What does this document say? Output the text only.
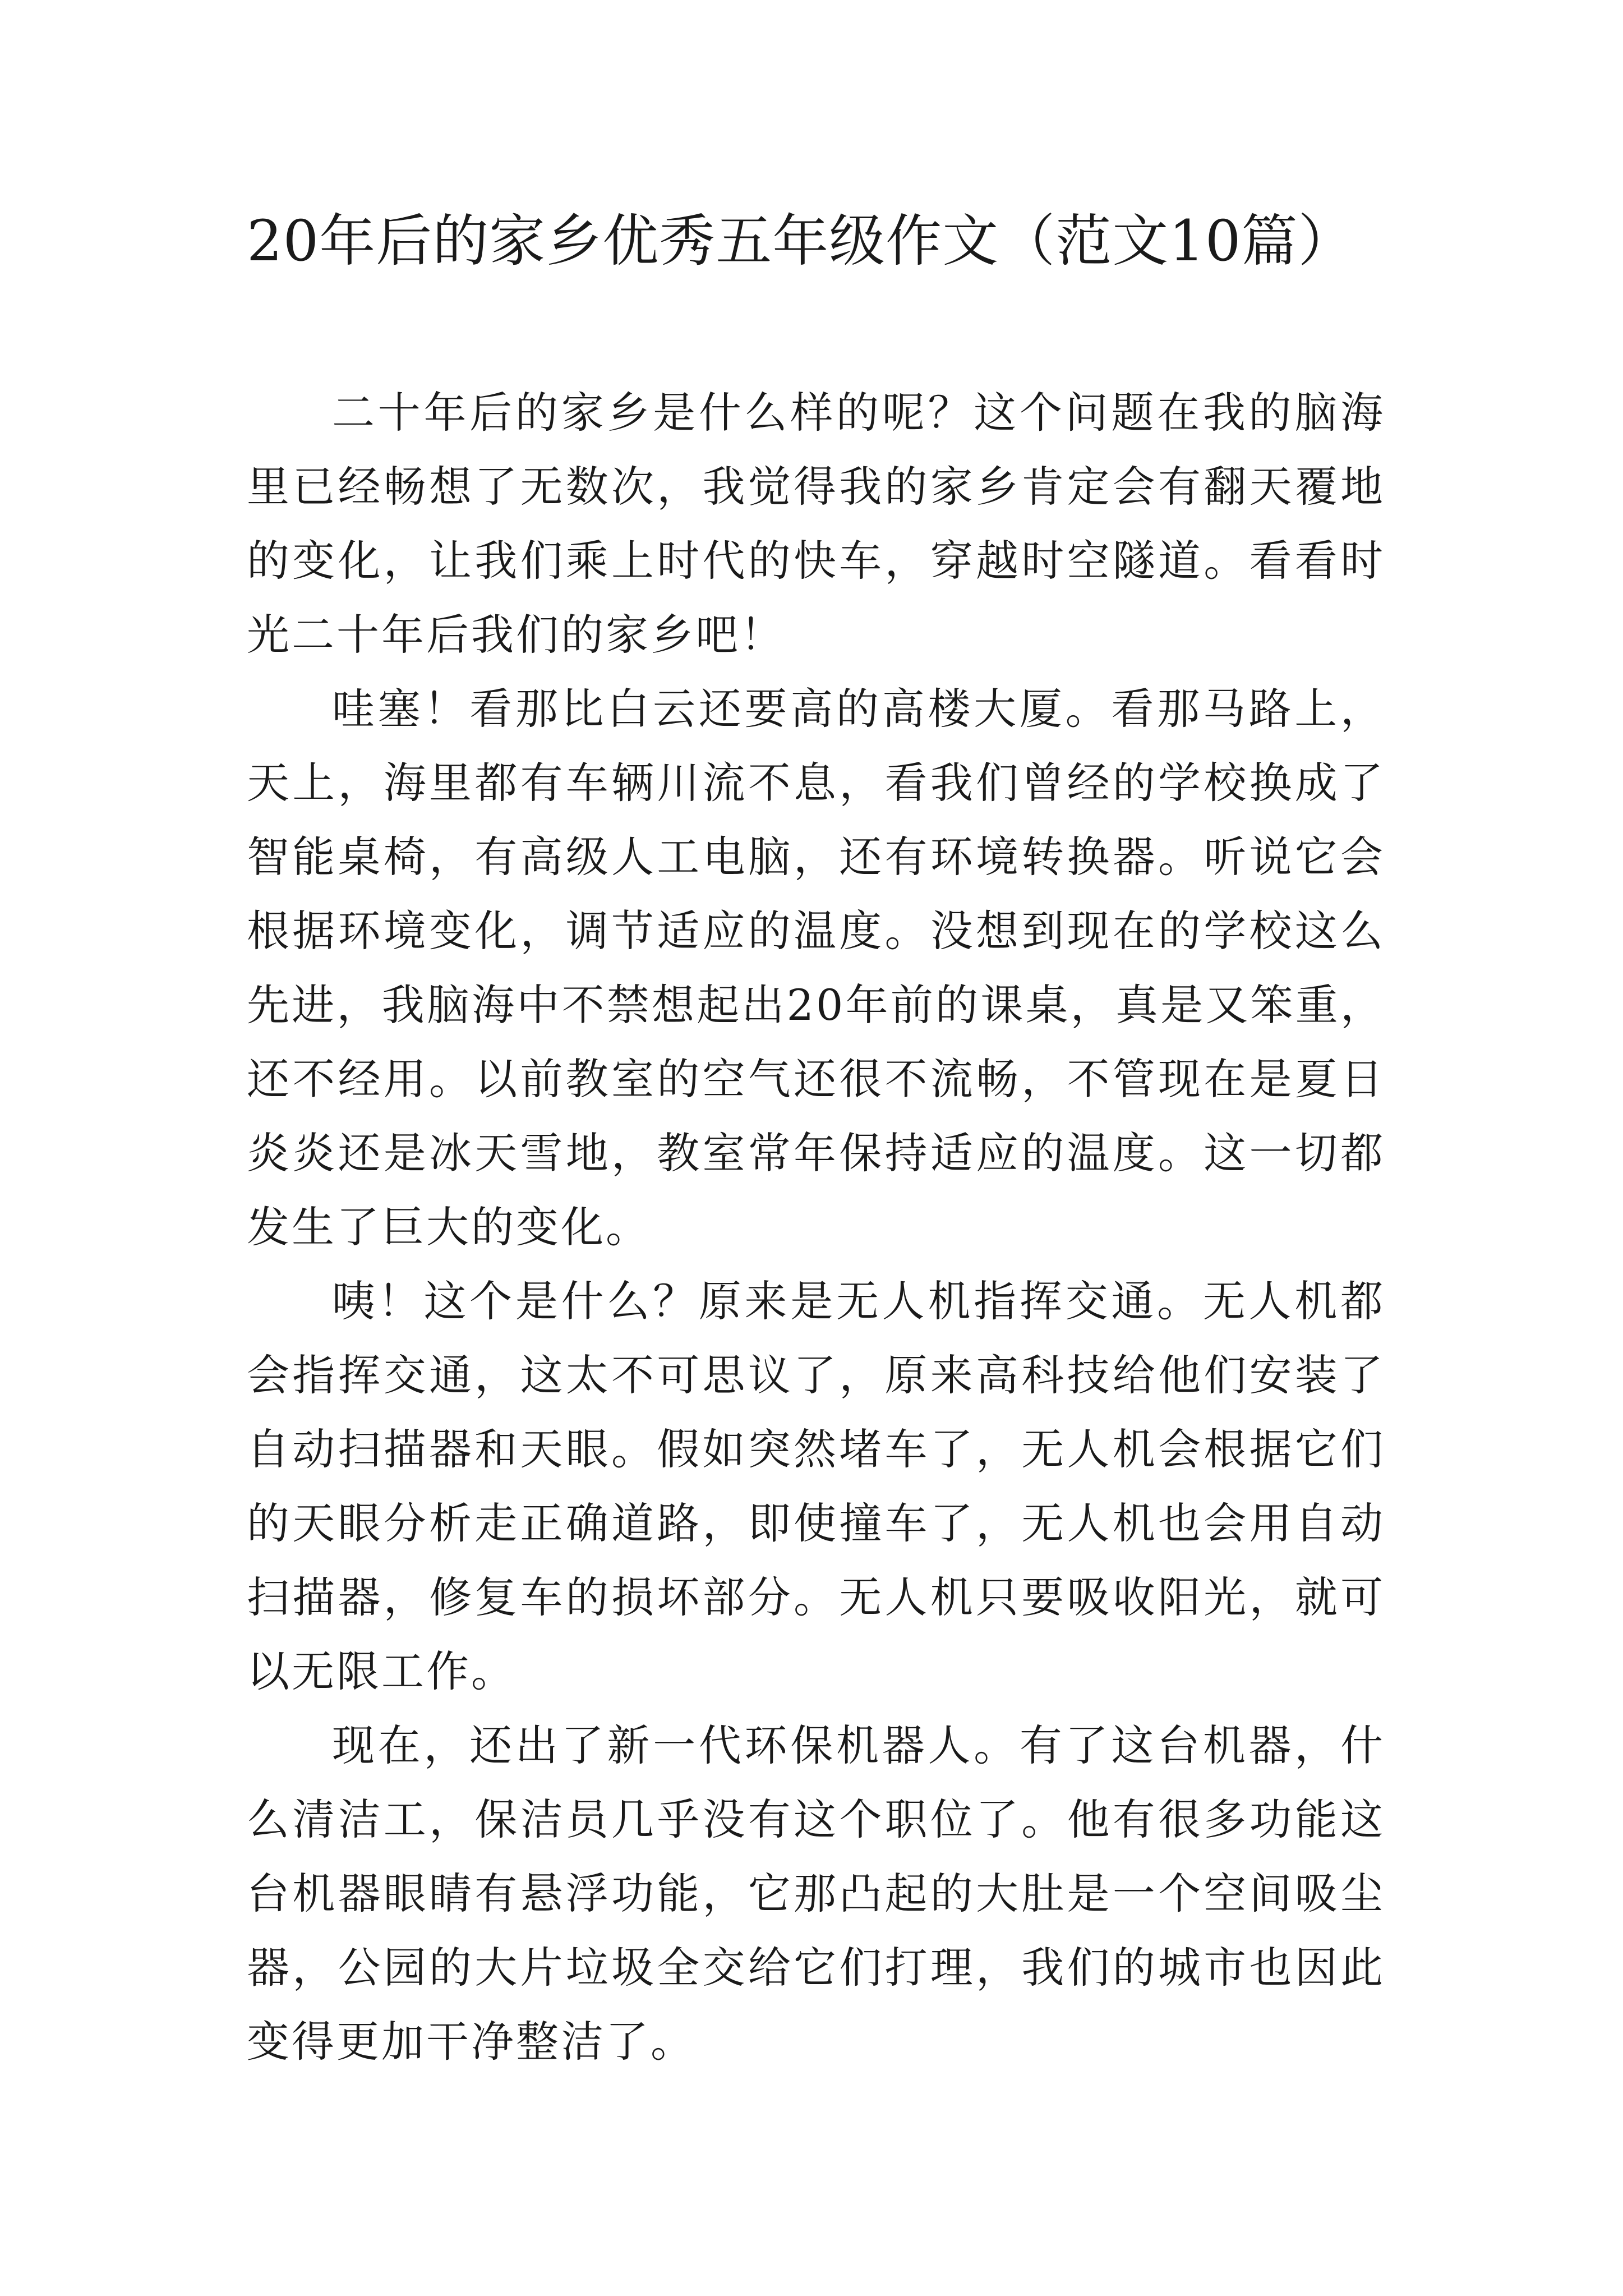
20年后的家乡优秀五年级作文（范文10篇）

二十年后的家乡是什么样的呢？这个问题在我的脑海里已经畅想了无数次，我觉得我的家乡肯定会有翻天覆地的变化，让我们乘上时代的快车，穿越时空隧道。看看时光二十年后我们的家乡吧！

哇塞！看那比白云还要高的高楼大厦。看那马路上，天上，海里都有车辆川流不息，看我们曾经的学校换成了智能桌椅，有高级人工电脑，还有环境转换器。听说它会根据环境变化，调节适应的温度。没想到现在的学校这么先进，我脑海中不禁想起出20年前的课桌，真是又笨重，还不经用。以前教室的空气还很不流畅，不管现在是夏日炎炎还是冰天雪地，教室常年保持适应的温度。这一切都发生了巨大的变化。

咦！这个是什么？原来是无人机指挥交通。无人机都会指挥交通，这太不可思议了，原来高科技给他们安装了自动扫描器和天眼。假如突然堵车了，无人机会根据它们的天眼分析走正确道路，即使撞车了，无人机也会用自动扫描器，修复车的损坏部分。无人机只要吸收阳光，就可以无限工作。

现在，还出了新一代环保机器人。有了这台机器，什么清洁工，保洁员几乎没有这个职位了。他有很多功能这台机器眼睛有悬浮功能，它那凸起的大肚是一个空间吸尘器，公园的大片垃圾全交给它们打理，我们的城市也因此变得更加干净整洁了。
